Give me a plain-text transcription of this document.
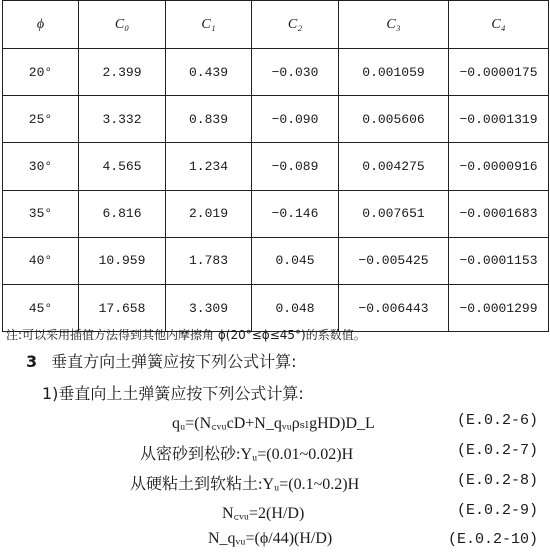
ϕ	C₀	C₁	C₂	C₃	C₄
20°	2.399	0.439	−0.030	0.001059	−0.0000175
25°	3.332	0.839	−0.090	0.005606	−0.0001319
30°	4.565	1.234	−0.089	0.004275	−0.0000916
35°	6.816	2.019	−0.146	0.007651	−0.0001683
40°	10.959	1.783	0.045	−0.005425	−0.0001153
45°	17.658	3.309	0.048	−0.006443	−0.0001299
注:可以采用插值方法得到其他内摩擦角 ϕ(20°≤ϕ≤45°)的系数值。
3 垂直方向土弹簧应按下列公式计算:
1)垂直向上土弹簧应按下列公式计算:
qᵤ=(N꜀ᵥᵤcD+N_qᵥᵤρₛₗgHD)D_L	(E.0.2-6)
从密砂到松砂:Yᵤ=(0.01~0.02)H	(E.0.2-7)
从硬粘土到软粘土:Yᵤ=(0.1~0.2)H	(E.0.2-8)
N꜀ᵥᵤ=2(H/D)	(E.0.2-9)
N_qᵥᵤ=(ϕ/44)(H/D)	(E.0.2-10)
